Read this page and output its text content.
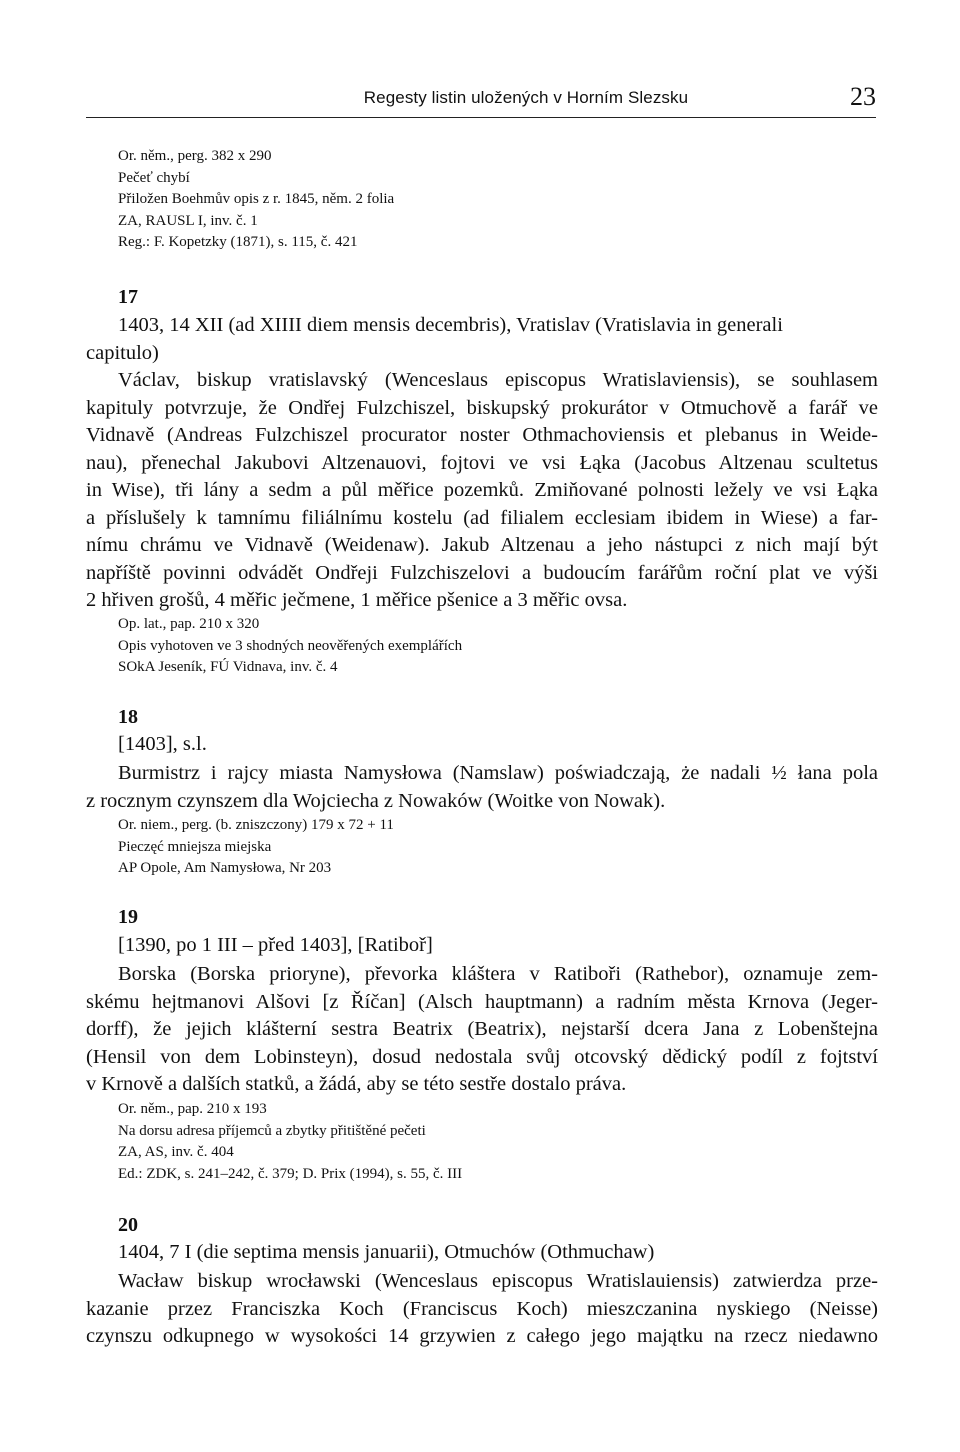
Regesty listin uložených v Horním Slezsku	23
Or. něm., perg. 382 x 290
Pečeť chybí
Přiložen Boehmův opis z r. 1845, něm. 2 folia
ZA, RAUSL I, inv. č. 1
Reg.: F. Kopetzky (1871), s. 115, č. 421
17
1403, 14 XII (ad XIIII diem mensis decembris), Vratislav (Vratislavia in generali
capitulo)
Václav, biskup vratislavský (Wenceslaus episcopus Wratislaviensis), se souhlasem
kapituly potvrzuje, že Ondřej Fulzchiszel, biskupský prokurátor v Otmuchově a farář ve
Vidnavě (Andreas Fulzchiszel procurator noster Othmachoviensis et plebanus in Weide-
nau), přenechal Jakubovi Altzenauovi, fojtovi ve vsi Łąka (Jacobus Altzenau scultetus
in Wise), tři lány a sedm a půl měřice pozemků. Zmiňované polnosti ležely ve vsi Łąka
a příslušely k tamnímu filiálnímu kostelu (ad filialem ecclesiam ibidem in Wiese) a far-
nímu chrámu ve Vidnavě (Weidenaw). Jakub Altzenau a jeho nástupci z nich mají být
napříště povinni odvádět Ondřeji Fulzchiszelovi a budoucím farářům roční plat ve výši
2 hřiven grošů, 4 měřic ječmene, 1 měřice pšenice a 3 měřic ovsa.
Op. lat., pap. 210 x 320
Opis vyhotoven ve 3 shodných neověřených exemplářích
SOkA Jeseník, FÚ Vidnava, inv. č. 4
18
[1403], s.l.
Burmistrz i rajcy miasta Namysłowa (Namslaw) poświadczają, że nadali ½ łana pola
z rocznym czynszem dla Wojciecha z Nowaków (Woitke von Nowak).
Or. niem., perg. (b. zniszczony) 179 x 72 + 11
Pieczęć mniejsza miejska
AP Opole, Am Namysłowa, Nr 203
19
[1390, po 1 III – před 1403], [Ratiboř]
Borska (Borska prioryne), převorka kláštera v Ratiboři (Rathebor), oznamuje zem-
skému hejtmanovi Alšovi [z Říčan] (Alsch hauptmann) a radním města Krnova (Jeger-
dorff), že jejich klášterní sestra Beatrix (Beatrix), nejstarší dcera Jana z Lobenštejna
(Hensil von dem Lobinsteyn), dosud nedostala svůj otcovský dědický podíl z fojtství
v Krnově a dalších statků, a žádá, aby se této sestře dostalo práva.
Or. něm., pap. 210 x 193
Na dorsu adresa příjemců a zbytky přitištěné pečeti
ZA, AS, inv. č. 404
Ed.: ZDK, s. 241–242, č. 379; D. Prix (1994), s. 55, č. III
20
1404, 7 I (die septima mensis januarii), Otmuchów (Othmuchaw)
Wacław biskup wrocławski (Wenceslaus episcopus Wratislauiensis) zatwierdza prze-
kazanie przez Franciszka Koch (Franciscus Koch) mieszczanina nyskiego (Neisse)
czynszu odkupnego w wysokości 14 grzywien z całego jego majątku na rzecz niedawno
